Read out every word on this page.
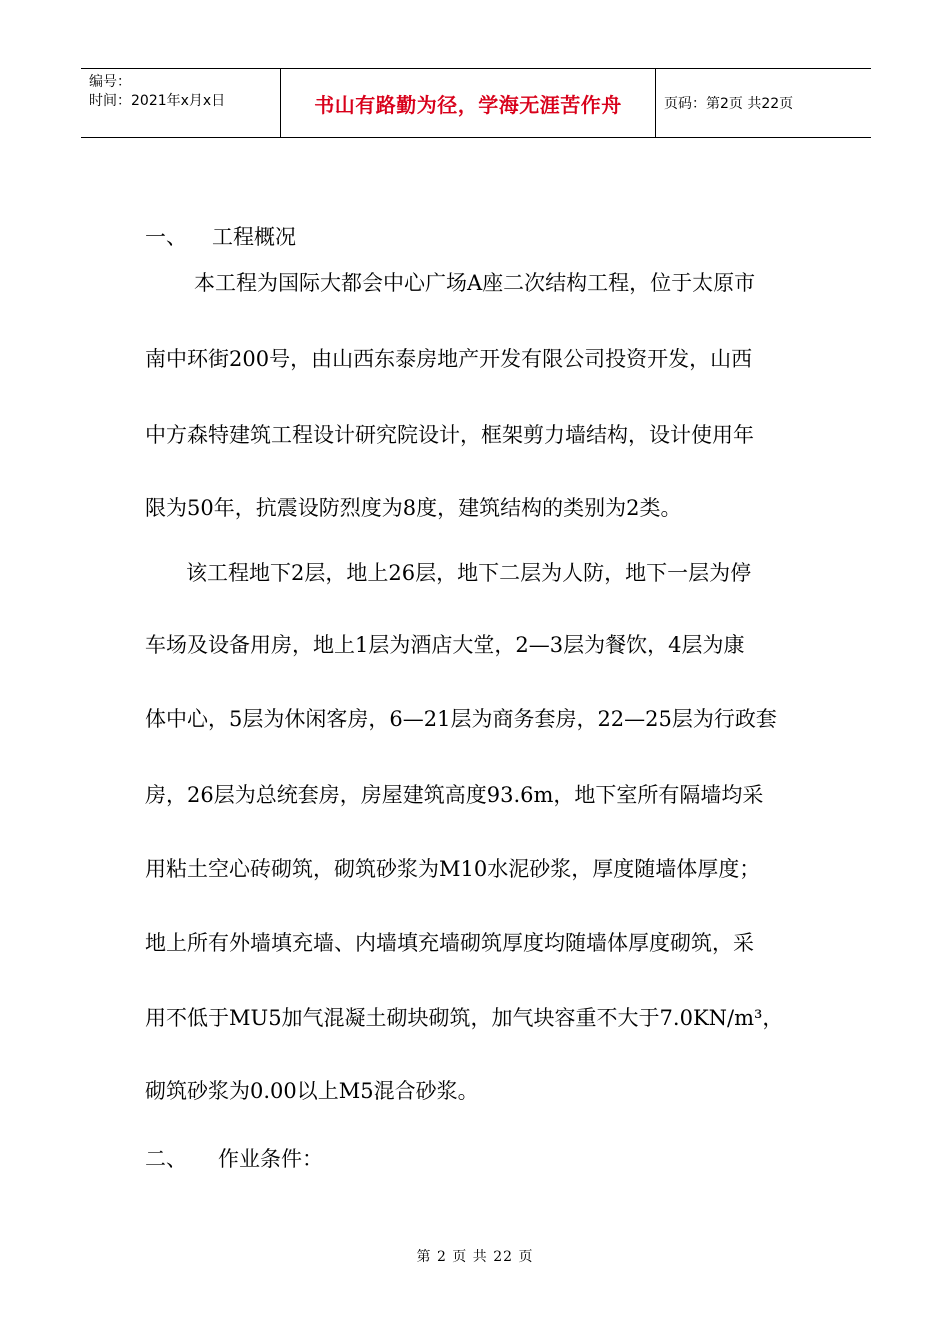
编号：
时间：2021年x月x日	书山有路勤为径，学海无涯苦作舟	页码：第2页 共22页
一、 工程概况
本工程为国际大都会中心广场A座二次结构工程，位于太原市
南中环街200号，由山西东泰房地产开发有限公司投资开发，山西
中方森特建筑工程设计研究院设计，框架剪力墙结构，设计使用年
限为50年，抗震设防烈度为8度，建筑结构的类别为2类。
该工程地下2层，地上26层，地下二层为人防，地下一层为停
车场及设备用房，地上1层为酒店大堂，2—3层为餐饮，4层为康
体中心，5层为休闲客房，6—21层为商务套房，22—25层为行政套
房，26层为总统套房，房屋建筑高度93.6m，地下室所有隔墙均采
用粘土空心砖砌筑，砌筑砂浆为M10水泥砂浆，厚度随墙体厚度；
地上所有外墙填充墙、内墙填充墙砌筑厚度均随墙体厚度砌筑，采
用不低于MU5加气混凝土砌块砌筑，加气块容重不大于7.0KN/m³，
砌筑砂浆为0.00以上M5混合砂浆。
二、 作业条件：
第 2 页 共 22 页
